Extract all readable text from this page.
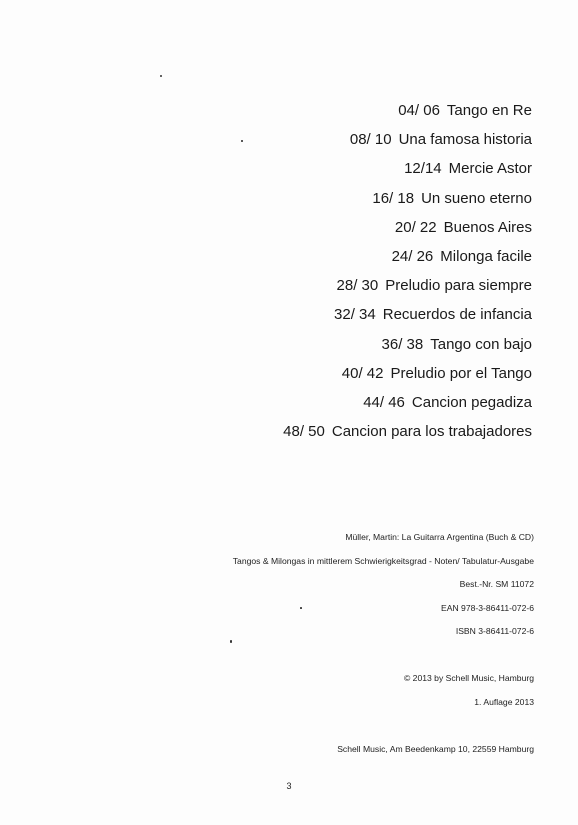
04/ 06 Tango en Re
08/ 10 Una famosa historia
12/14 Mercie Astor
16/ 18 Un sueno eterno
20/ 22 Buenos Aires
24/ 26 Milonga facile
28/ 30 Preludio para siempre
32/ 34 Recuerdos de infancia
36/ 38 Tango con bajo
40/ 42 Preludio por el Tango
44/ 46 Cancion pegadiza
48/ 50 Cancion para los trabajadores
Müller, Martin: La Guitarra Argentina (Buch & CD)
Tangos & Milongas in mittlerem Schwierigkeitsgrad - Noten/ Tabulatur-Ausgabe
Best.-Nr. SM 11072
EAN 978-3-86411-072-6
ISBN 3-86411-072-6
© 2013 by Schell Music, Hamburg
1. Auflage 2013
Schell Music, Am Beedenkamp 10, 22559 Hamburg
3
